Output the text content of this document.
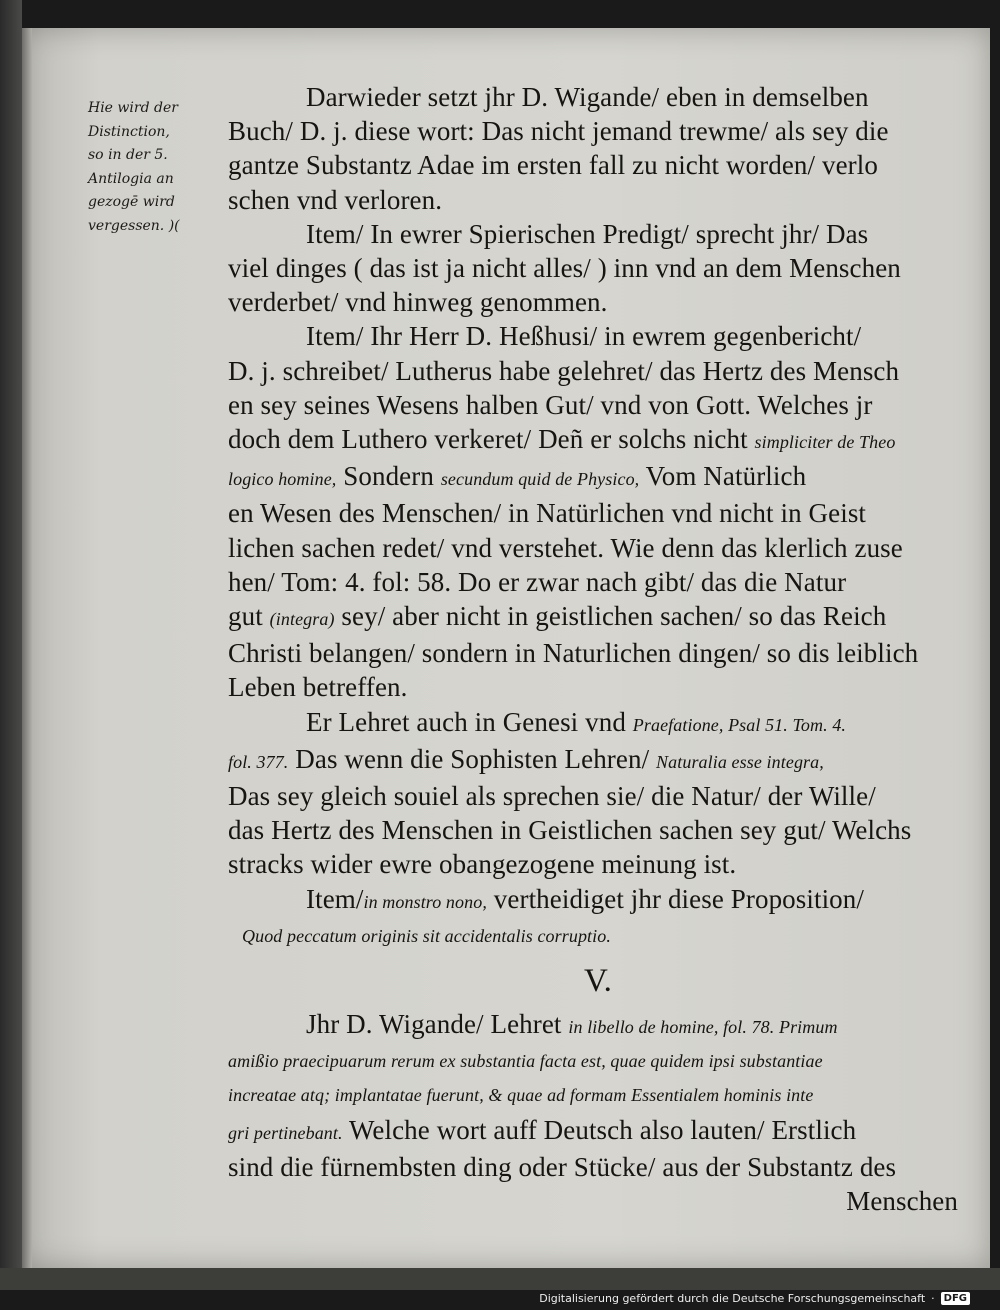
Hie wird der
Distinction,
so in der 5.
Antilogia an
gezogē wird
vergessen. )(
Darwieder setzt jhr D. Wigande/ eben in demselben
Buch/ D. j. diese wort: Das nicht jemand trewme/ als sey die
gantze Substantz Adae im ersten fall zu nicht worden/ verlo
schen vnd verloren.
Item/ In ewrer Spierischen Predigt/ sprecht jhr/ Das
viel dinges ( das ist ja nicht alles/ ) inn vnd an dem Menschen
verderbet/ vnd hinweg genommen.
Item/ Ihr Herr D. Heßhusi/ in ewrem gegenbericht/
D. j. schreibet/ Lutherus habe gelehret/ das Hertz des Mensch
en sey seines Wesens halben Gut/ vnd von Gott. Welches jr
doch dem Luthero verkeret/ Deñ er solchs nicht simpliciter de Theo
logico homine, Sondern secundum quid de Physico, Vom Natürlich
en Wesen des Menschen/ in Natürlichen vnd nicht in Geist
lichen sachen redet/ vnd verstehet. Wie denn das klerlich zuse
hen/ Tom: 4. fol: 58. Do er zwar nach gibt/ das die Natur
gut (integra) sey/ aber nicht in geistlichen sachen/ so das Reich
Christi belangen/ sondern in Naturlichen dingen/ so dis leiblich
Leben betreffen.
Er Lehret auch in Genesi vnd Praefatione, Psal 51. Tom. 4.
fol. 377. Das wenn die Sophisten Lehren/ Naturalia esse integra,
Das sey gleich souiel als sprechen sie/ die Natur/ der Wille/
das Hertz des Menschen in Geistlichen sachen sey gut/ Welchs
stracks wider ewre obangezogene meinung ist.
Item/in monstro nono, vertheidiget jhr diese Proposition/
Quod peccatum originis sit accidentalis corruptio.
V.
Jhr D. Wigande/ Lehret in libello de homine, fol. 78. Primum
amißio praecipuarum rerum ex substantia facta est, quae quidem ipsi substantiae
increatae atq; implantatae fuerunt, & quae ad formam Essentialem hominis inte
gri pertinebant. Welche wort auff Deutsch also lauten/ Erstlich
sind die fürnembsten ding oder Stücke/ aus der Substantz des
Menschen
Digitalisierung gefördert durch die Deutsche Forschungsgemeinschaft · DFG
